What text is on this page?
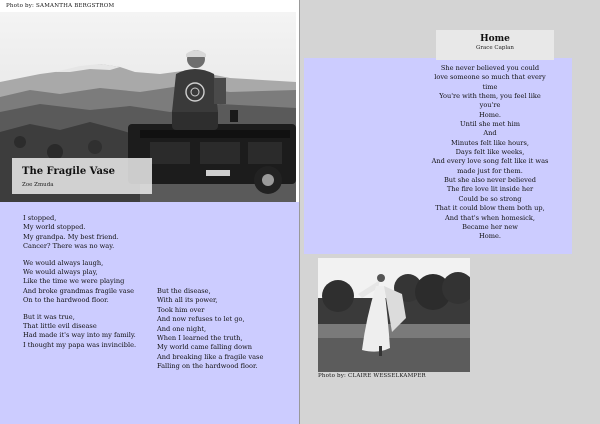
Photo by: SAMANTHA BERGSTROM
The Fragile Vase
Zoe Zmuda

I stopped,
My world stopped.
My grandpa. My best friend.
Cancer? There was no way.

We would always laugh,
We would always play,
Like the time we were playing
And broke grandmas fragile vase
On to the hardwood floor.

But it was true,
That little evil disease
Had made it's way into my family.
I thought my papa was invincible.

But the disease,
With all its power,
Took him over
And now refuses to let go,
And one night,
When I learned the truth,
My world came falling down
And breaking like a fragile vase
Falling on the hardwood floor.

She never believed you could
love someone so much that every
time
You're with them, you feel like
you're
Home.
Until she met him
And
Minutes felt like hours,
Days felt like weeks,
And every love song felt like it was
made just for them.
But she also never believed
The fire love lit inside her
Could be so strong
That it could blow them both up,
And that's when homesick,
Became her new
Home.
Home
Grace Caplan
Photo by: CLAIRE WESSELKAMPER
